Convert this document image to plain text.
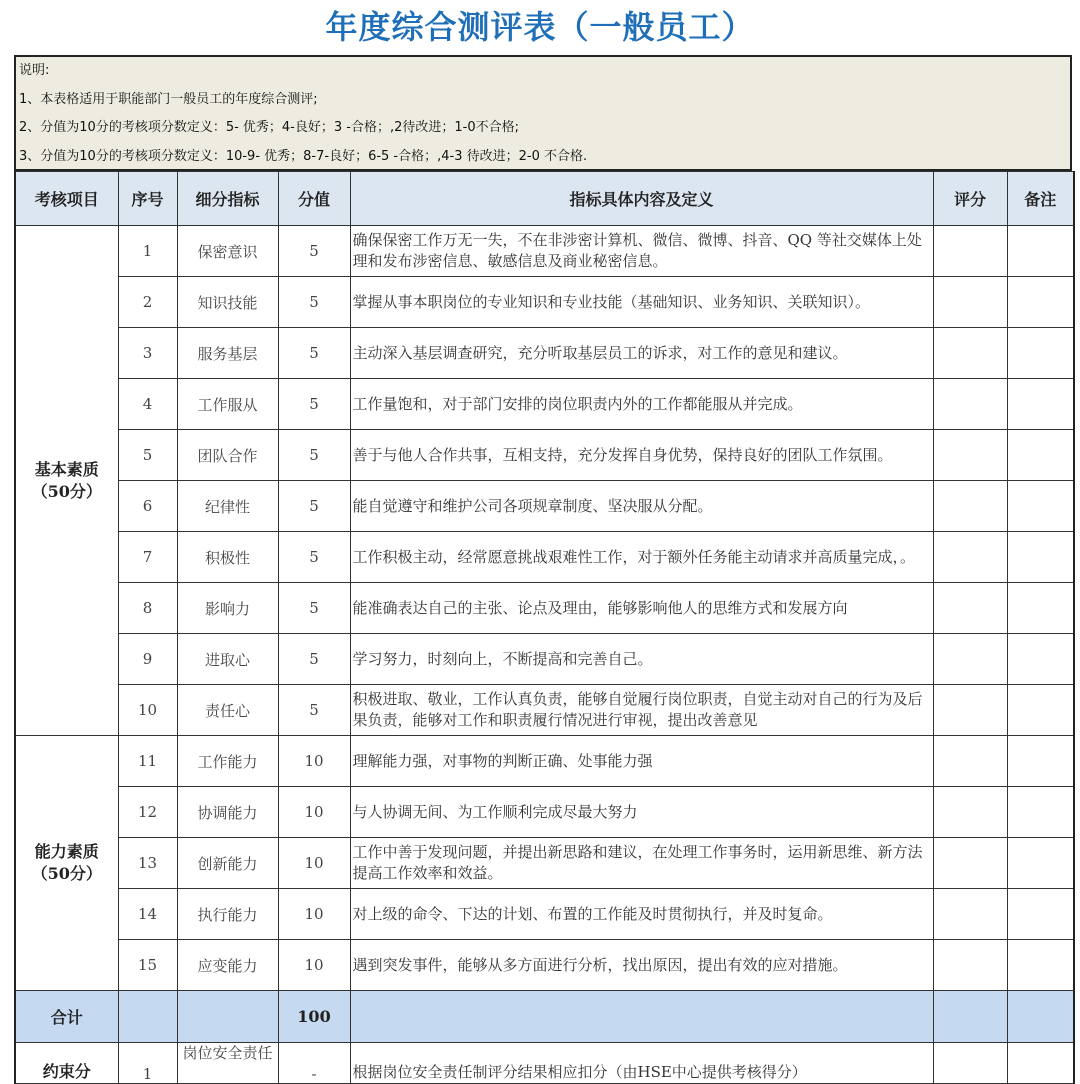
年度综合测评表（一般员工）
说明:
1、本表格适用于职能部门一般员工的年度综合测评;
2、分值为10分的考核项分数定义：5- 优秀；4-良好；3 -合格；,2待改进；1-0不合格;
3、分值为10分的考核项分数定义：10-9- 优秀；8-7-良好；6-5 -合格；,4-3 待改进；2-0 不合格.
考核项目	序号	细分指标	分值	指标具体内容及定义	评分	备注
基本素质（50分）	1	保密意识	5	确保保密工作万无一失，不在非涉密计算机、微信、微博、抖音、QQ 等社交媒体上处理和发布涉密信息、敏感信息及商业秘密信息。		
	2	知识技能	5	掌握从事本职岗位的专业知识和专业技能（基础知识、业务知识、关联知识）。		
	3	服务基层	5	主动深入基层调查研究，充分听取基层员工的诉求，对工作的意见和建议。		
	4	工作服从	5	工作量饱和，对于部门安排的岗位职责内外的工作都能服从并完成。		
	5	团队合作	5	善于与他人合作共事，互相支持，充分发挥自身优势，保持良好的团队工作氛围。		
	6	纪律性	5	能自觉遵守和维护公司各项规章制度、坚决服从分配。		
	7	积极性	5	工作积极主动，经常愿意挑战艰难性工作，对于额外任务能主动请求并高质量完成，。		
	8	影响力	5	能准确表达自己的主张、论点及理由，能够影响他人的思维方式和发展方向		
	9	进取心	5	学习努力，时刻向上，不断提高和完善自己。		
	10	责任心	5	积极进取、敬业，工作认真负责，能够自觉履行岗位职责，自觉主动对自己的行为及后果负责，能够对工作和职责履行情况进行审视，提出改善意见		
能力素质（50分）	11	工作能力	10	理解能力强，对事物的判断正确、处事能力强		
	12	协调能力	10	与人协调无间、为工作顺利完成尽最大努力		
	13	创新能力	10	工作中善于发现问题，并提出新思路和建议，在处理工作事务时，运用新思维、新方法提高工作效率和效益。		
	14	执行能力	10	对上级的命令、下达的计划、布置的工作能及时贯彻执行，并及时复命。		
	15	应变能力	10	遇到突发事件，能够从多方面进行分析，找出原因，提出有效的应对措施。		
合计			100			
约束分	1	岗位安全责任	-	根据岗位安全责任制评分结果相应扣分（由HSE中心提供考核得分）		
